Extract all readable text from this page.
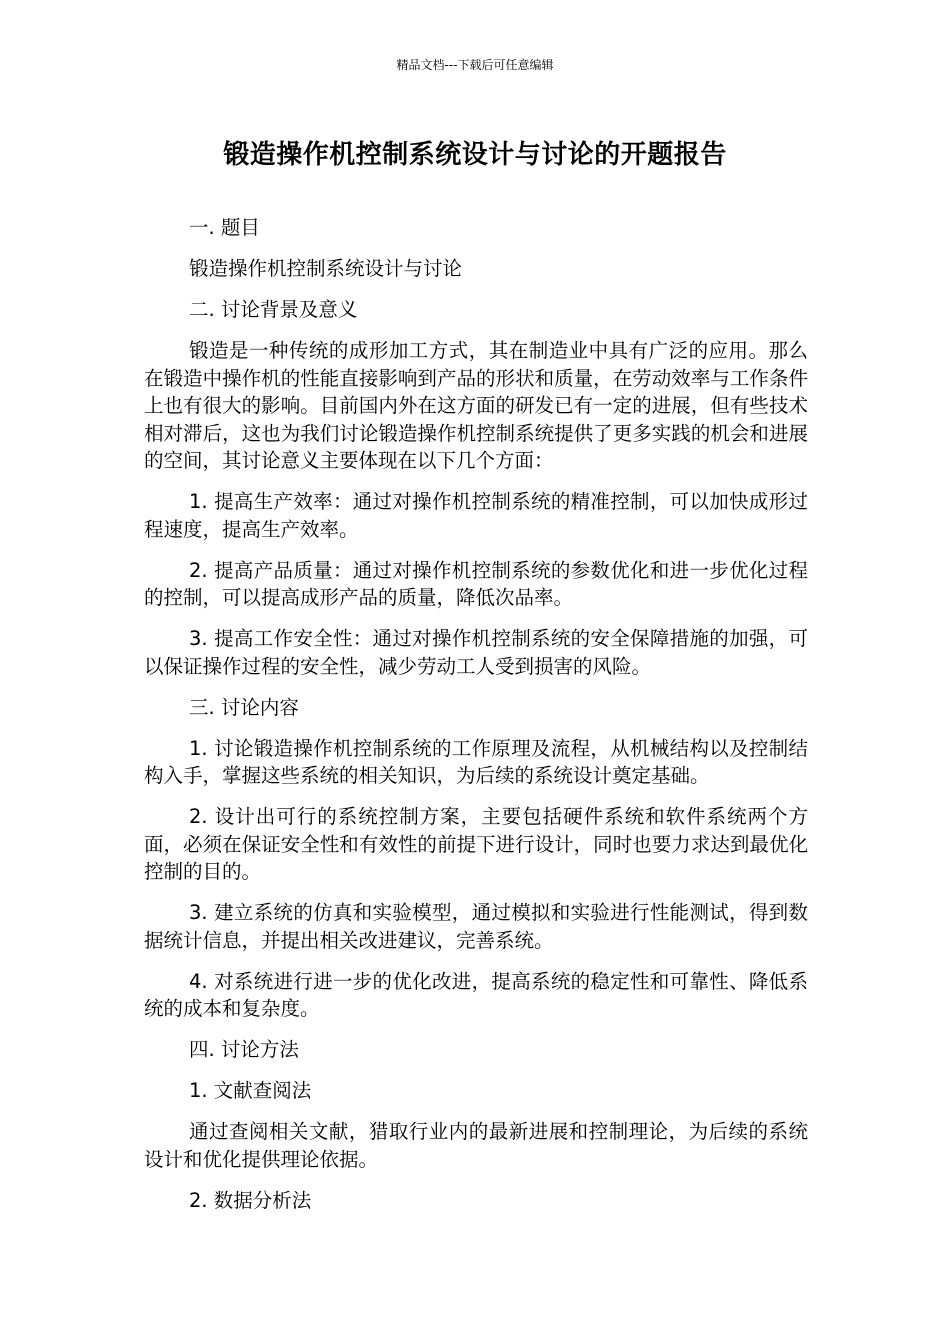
精品文档---下载后可任意编辑
锻造操作机控制系统设计与讨论的开题报告
一. 题目
锻造操作机控制系统设计与讨论
二. 讨论背景及意义
锻造是一种传统的成形加工方式，其在制造业中具有广泛的应用。那么在锻造中操作机的性能直接影响到产品的形状和质量，在劳动效率与工作条件上也有很大的影响。目前国内外在这方面的研发已有一定的进展，但有些技术相对滞后，这也为我们讨论锻造操作机控制系统提供了更多实践的机会和进展的空间，其讨论意义主要体现在以下几个方面：
1. 提高生产效率：通过对操作机控制系统的精准控制，可以加快成形过程速度，提高生产效率。
2. 提高产品质量：通过对操作机控制系统的参数优化和进一步优化过程的控制，可以提高成形产品的质量，降低次品率。
3. 提高工作安全性：通过对操作机控制系统的安全保障措施的加强，可以保证操作过程的安全性，减少劳动工人受到损害的风险。
三. 讨论内容
1. 讨论锻造操作机控制系统的工作原理及流程，从机械结构以及控制结构入手，掌握这些系统的相关知识，为后续的系统设计奠定基础。
2. 设计出可行的系统控制方案，主要包括硬件系统和软件系统两个方面，必须在保证安全性和有效性的前提下进行设计，同时也要力求达到最优化控制的目的。
3. 建立系统的仿真和实验模型，通过模拟和实验进行性能测试，得到数据统计信息，并提出相关改进建议，完善系统。
4. 对系统进行进一步的优化改进，提高系统的稳定性和可靠性、降低系统的成本和复杂度。
四. 讨论方法
1. 文献查阅法
通过查阅相关文献，猎取行业内的最新进展和控制理论，为后续的系统设计和优化提供理论依据。
2. 数据分析法
